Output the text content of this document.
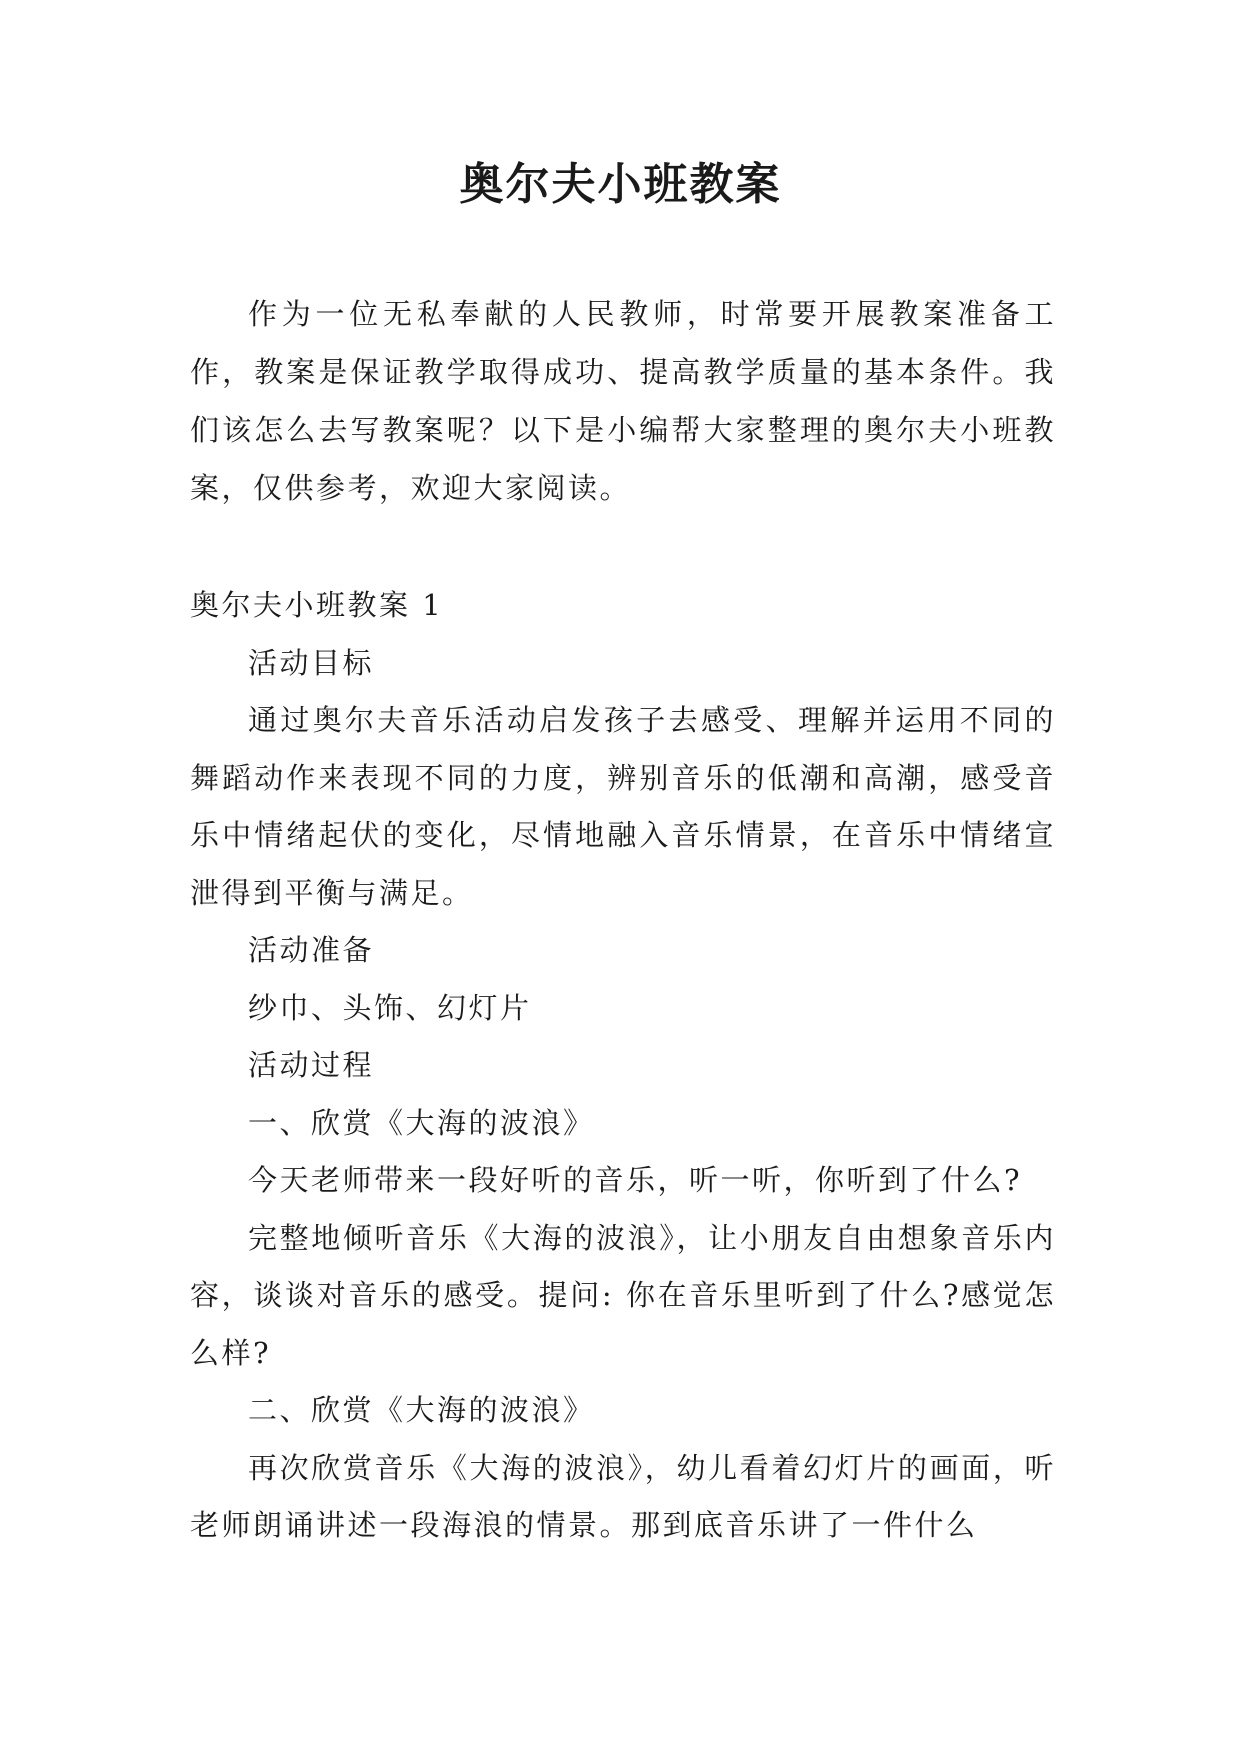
奥尔夫小班教案

作为一位无私奉献的人民教师，时常要开展教案准备工作，教案是保证教学取得成功、提高教学质量的基本条件。我们该怎么去写教案呢？以下是小编帮大家整理的奥尔夫小班教案，仅供参考，欢迎大家阅读。

奥尔夫小班教案 1

活动目标

通过奥尔夫音乐活动启发孩子去感受、理解并运用不同的舞蹈动作来表现不同的力度，辨别音乐的低潮和高潮，感受音乐中情绪起伏的变化，尽情地融入音乐情景，在音乐中情绪宣泄得到平衡与满足。

活动准备

纱巾、头饰、幻灯片

活动过程

一、欣赏《大海的波浪》

今天老师带来一段好听的音乐，听一听，你听到了什么?

完整地倾听音乐《大海的波浪》，让小朋友自由想象音乐内容，谈谈对音乐的感受。提问: 你在音乐里听到了什么?感觉怎么样?

二、欣赏《大海的波浪》

再次欣赏音乐《大海的波浪》，幼儿看着幻灯片的画面，听老师朗诵讲述一段海浪的情景。那到底音乐讲了一件什么
